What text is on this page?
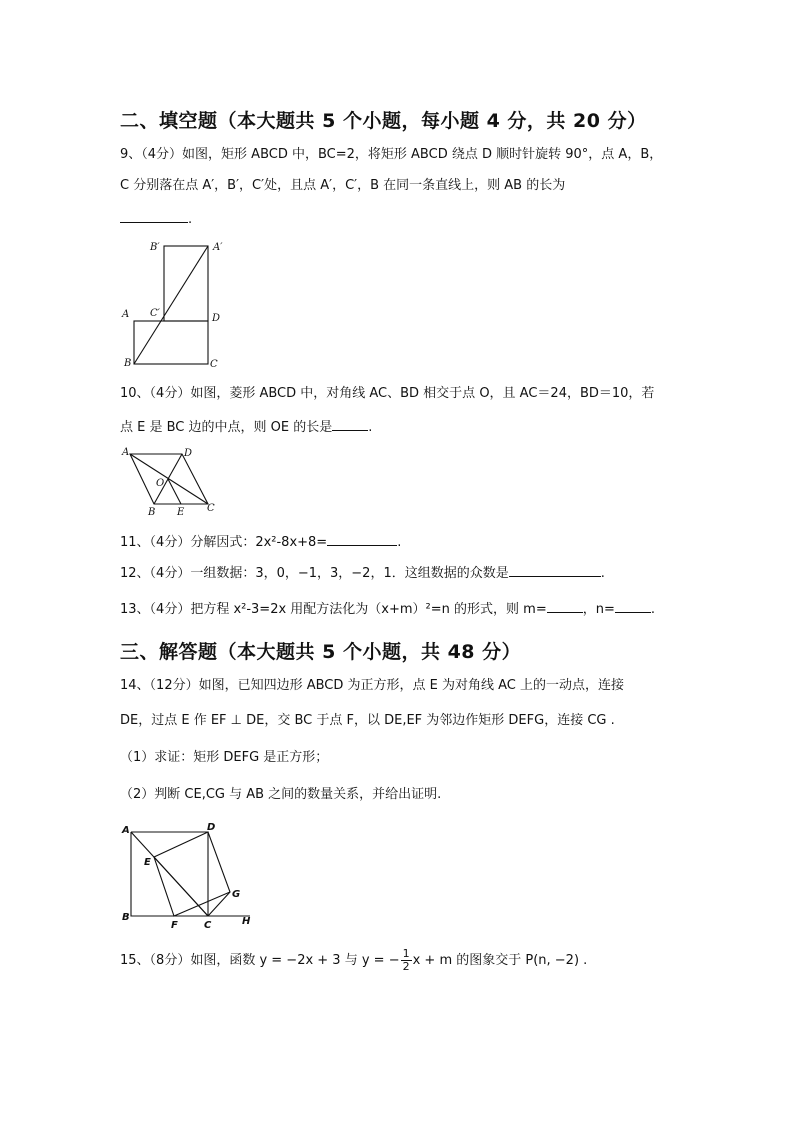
二、填空题（本大题共 5 个小题，每小题 4 分，共 20 分）
9、（4分）如图，矩形 ABCD 中，BC=2，将矩形 ABCD 绕点 D 顺时针旋转 90°，点 A，B，
C 分别落在点 A′，B′，C′处，且点 A′，C′，B 在同一条直线上，则 AB 的长为
.
B′	A′
A C′	D
B	C
10、（4分）如图，菱形 ABCD 中，对角线 AC、BD 相交于点 O，且 AC＝24，BD＝10，若
点 E 是 BC 边的中点，则 OE 的长是	.
A	D
O
B E C
11、（4分）分解因式：2x²-8x+8=	.
12、（4分）一组数据：3，0，−1，3，−2，1．这组数据的众数是	.
13、（4分）把方程 x²-3=2x 用配方法化为（x+m）²=n 的形式，则 m=	，n=	.
三、解答题（本大题共 5 个小题，共 48 分）
14、（12分）如图，已知四边形 ABCD 为正方形，点 E 为对角线 AC 上的一动点，连接
DE，过点 E 作 EF ⊥ DE，交 BC 于点 F，以 DE,EF 为邻边作矩形 DEFG，连接 CG .
（1）求证：矩形 DEFG 是正方形；
（2）判断 CE,CG 与 AB 之间的数量关系，并给出证明.
A	D
E
G
B
F	C	H
15、（8分）如图，函数 y = −2x + 3 与 y = − $\frac{1}{2}$ x + m 的图象交于 P(n, −2) .
